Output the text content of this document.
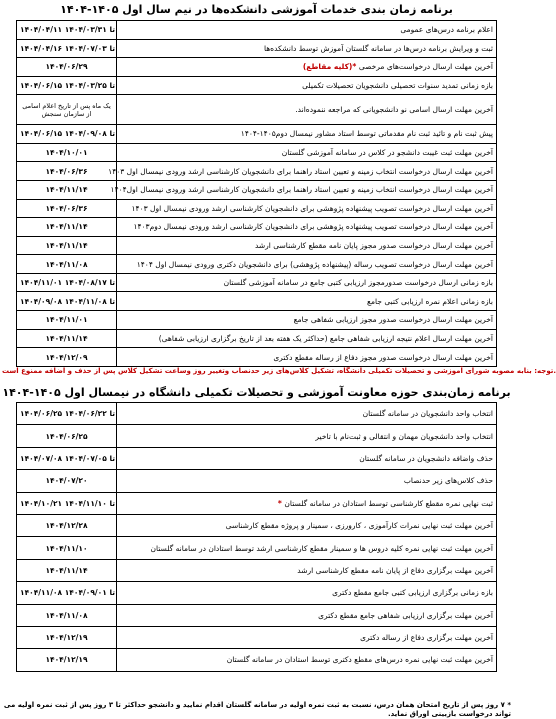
برنامه زمان بندی خدمات آموزشی دانشکده‌ها در نیم سال اول ۱۴۰۵-۱۴۰۴
۱۴۰۴/۰۴/۱۱ تا ۱۴۰۴/۰۳/۳۱	اعلام برنامه درس‌های عمومی
۱۴۰۴/۰۴/۱۶ تا ۱۴۰۴/۰۷/۰۳	ثبت و ویرایش برنامه درس‌ها در سامانه گلستان آموزش توسط دانشکده‌ها
۱۴۰۴/۰۶/۲۹	آخرین مهلت ارسال درخواست‌های مرخصی *(کلیه مقاطع)
۱۴۰۴/۰۶/۱۵ تا ۱۴۰۴/۰۳/۲۵	بازه زمانی تمدید سنوات تحصیلی دانشجویان تحصیلات تکمیلی
یک ماه پس از تاریخ اعلام اسامی از سازمان سنجش	آخرین مهلت ارسال اسامی نو دانشجویانی که مراجعه ننموده‌اند.
۱۴۰۴/۰۶/۱۵ تا ۱۴۰۴/۰۹/۰۸	پیش ثبت نام و تائید ثبت نام مقدماتی توسط استاد مشاور نیمسال دوم۱۴۰۵-۱۴۰۴
۱۴۰۴/۱۰/۰۱	آخرین مهلت ثبت غیبت دانشجو در کلاس در سامانه آموزشی گلستان
۱۴۰۴/۰۶/۳۶	آخرین مهلت ارسال درخواست انتخاب زمینه و تعیین استاد راهنما برای دانشجویان کارشناسی ارشد ورودی نیمسال اول ۱۴۰۳
۱۴۰۴/۱۱/۱۴	آخرین مهلت ارسال درخواست انتخاب زمینه و تعیین استاد راهنما برای دانشجویان کارشناسی ارشد ورودی نیمسال اول۱۴۰۴
۱۴۰۴/۰۶/۳۶	آخرین مهلت ارسال درخواست تصویب پیشنهاده پژوهشی برای دانشجویان کارشناسی ارشد ورودی نیمسال اول ۱۴۰۳
۱۴۰۴/۱۱/۱۴	آخرین مهلت ارسال درخواست تصویب پیشنهاده پژوهشی برای دانشجویان کارشناسی ارشد ورودی نیمسال دوم۱۴۰۳
۱۴۰۴/۱۱/۱۴	آخرین مهلت ارسال درخواست صدور مجوز پایان نامه مقطع کارشناسی ارشد
۱۴۰۴/۱۱/۰۸	آخرین مهلت ارسال درخواست تصویب رساله (پیشنهاده پژوهشی) برای دانشجویان دکتری ورودی نیمسال اول ۱۴۰۴
۱۴۰۴/۱۱/۰۱ تا ۱۴۰۴/۰۸/۱۷	بازه زمانی ارسال درخواست صدورمجوز ارزیابی کتبی جامع در سامانه آموزشی گلستان
۱۴۰۴/۰۹/۰۸ تا ۱۴۰۴/۱۱/۰۸	بازه زمانی اعلام نمره ارزیابی کتبی جامع
۱۴۰۴/۱۱/۰۱	آخرین مهلت ارسال درخواست صدور مجوز ارزیابی شفاهی جامع
۱۴۰۴/۱۱/۱۴	آخرین مهلت ارسال اعلام نتیجه ارزیابی شفاهی جامع (حداکثر یک هفته بعد از تاریخ برگزاری ارزیابی شفاهی)
۱۴۰۴/۱۲/۰۹	آخرین مهلت ارسال درخواست صدور مجوز دفاع از رساله مقطع دکتری
توجه: بنابه مصوبه شورای آموزشی و تحصیلات تکمیلی دانشگاه، تشکیل کلاس‌های زیر حدنصاب وتغییر روز وساعت تشکیل کلاس پس از حذف و اضافه ممنوع است.
برنامه زمان‌بندی حوزه معاونت آموزشی و تحصیلات تکمیلی دانشگاه در نیمسال اول ۱۴۰۵-۱۴۰۴
۱۴۰۴/۰۶/۲۵ تا ۱۴۰۴/۰۶/۲۲	انتخاب واحد دانشجویان در سامانه گلستان
۱۴۰۴/۰۶/۲۵	انتخاب واحد دانشجویان مهمان و انتقالی و ثبت‌نام با تاخیر
۱۴۰۴/۰۷/۰۸ تا ۱۴۰۴/۰۷/۰۵	حذف واضافه دانشجویان در سامانه گلستان
۱۴۰۴/۰۷/۲۰	حذف کلاس‌های زیر حدنصاب
۱۴۰۴/۱۰/۲۱ تا ۱۴۰۴/۱۱/۱۰	ثبت نهایی نمره مقطع کارشناسی توسط استادان در سامانه گلستان *
۱۴۰۴/۱۲/۲۸	آخرین مهلت ثبت نهایی نمرات کارآموزی ، کارورزی ، سمینار و پروژه مقطع کارشناسی
۱۴۰۴/۱۱/۱۰	آخرین مهلت ثبت نهایی نمره کلیه دروس ها و سمینار مقطع کارشناسی ارشد توسط استادان در سامانه گلستان
۱۴۰۴/۱۱/۱۴	آخرین مهلت برگزاری دفاع از پایان نامه مقطع کارشناسی ارشد
۱۴۰۴/۱۱/۰۸ تا ۱۴۰۴/۰۹/۰۱	بازه زمانی برگزاری ارزیابی کتبی جامع مقطع دکتری
۱۴۰۴/۱۱/۰۸	آخرین مهلت برگزاری ارزیابی شفاهی جامع مقطع دکتری
۱۴۰۴/۱۲/۱۹	آخرین مهلت برگزاری دفاع از رساله دکتری
۱۴۰۴/۱۲/۱۹	آخرین مهلت ثبت نهایی نمره درس‌های مقطع دکتری توسط استادان در سامانه گلستان
* ۷ روز پس از تاریخ امتحان همان درس، نسبت به ثبت نمره اولیه در سامانه گلستان اقدام نمایید و دانشجو حداکثر تا ۳ روز پس از ثبت نمره اولیه می تواند درخواست بازبینی اوراق نماید.
